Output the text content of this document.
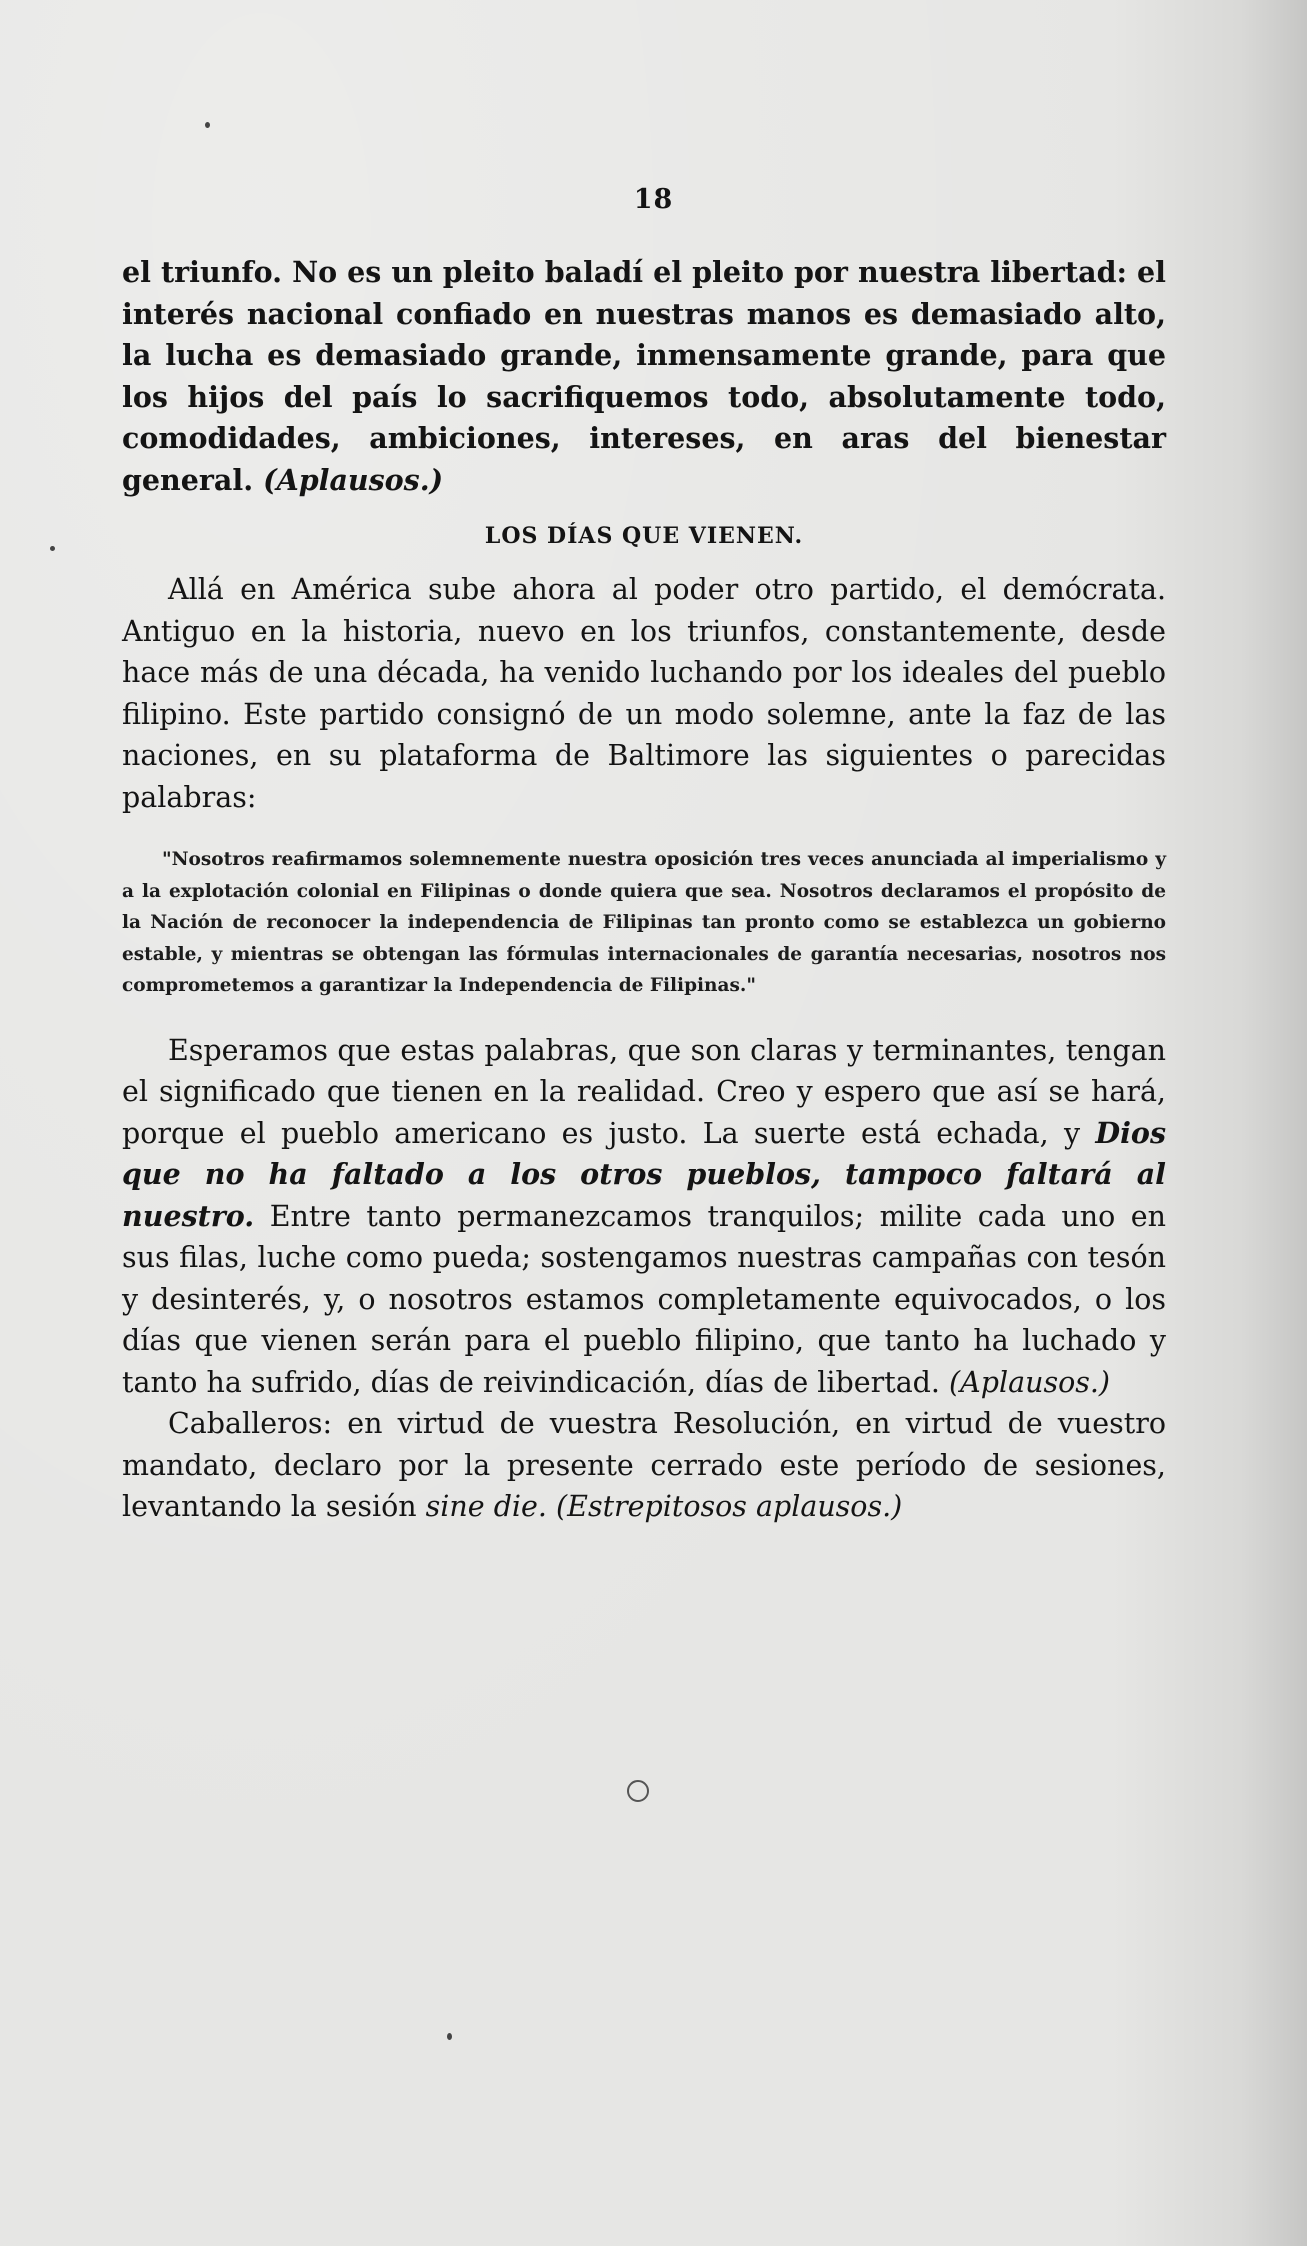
18

el triunfo. No es un pleito baladí el pleito por nuestra libertad: el interés nacional confiado en nuestras manos es demasiado alto, la lucha es demasiado grande, inmensamente grande, para que los hijos del país lo sacrifiquemos todo, absolutamente todo, comodidades, ambiciones, intereses, en aras del bienestar general. (Aplausos.)

LOS DÍAS QUE VIENEN.

Allá en América sube ahora al poder otro partido, el demócrata. Antiguo en la historia, nuevo en los triunfos, constantemente, desde hace más de una década, ha venido luchando por los ideales del pueblo filipino. Este partido consignó de un modo solemne, ante la faz de las naciones, en su plataforma de Baltimore las siguientes o parecidas palabras:

"Nosotros reafirmamos solemnemente nuestra oposición tres veces anunciada al imperialismo y a la explotación colonial en Filipinas o donde quiera que sea. Nosotros declaramos el propósito de la Nación de reconocer la independencia de Filipinas tan pronto como se establezca un gobierno estable, y mientras se obtengan las fórmulas internacionales de garantía necesarias, nosotros nos comprometemos a garantizar la Independencia de Filipinas."

Esperamos que estas palabras, que son claras y terminantes, tengan el significado que tienen en la realidad. Creo y espero que así se hará, porque el pueblo americano es justo. La suerte está echada, y Dios que no ha faltado a los otros pueblos, tampoco faltará al nuestro. Entre tanto permanezcamos tranquilos; milite cada uno en sus filas, luche como pueda; sostengamos nuestras campañas con tesón y desinterés, y, o nosotros estamos completamente equivocados, o los días que vienen serán para el pueblo filipino, que tanto ha luchado y tanto ha sufrido, días de reivindicación, días de libertad. (Aplausos.)

Caballeros: en virtud de vuestra Resolución, en virtud de vuestro mandato, declaro por la presente cerrado este período de sesiones, levantando la sesión sine die. (Estrepitosos aplausos.)
